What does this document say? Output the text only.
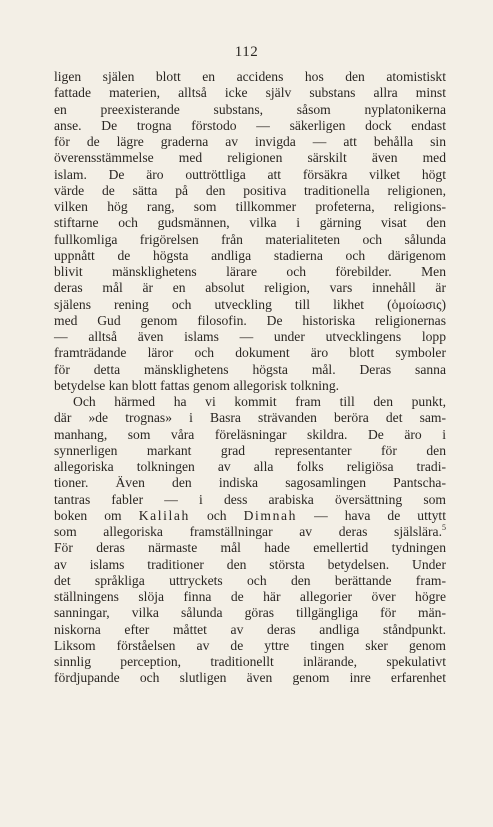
112
ligen själen blott en accidens hos den atomistiskt
fattade materien, alltså icke själv substans allra minst
en preexisterande substans, såsom nyplatonikerna
anse. De trogna förstodo — säkerligen dock endast
för de lägre graderna av invigda — att behålla sin
överensstämmelse med religionen särskilt även med
islam. De äro outtröttliga att försäkra vilket högt
värde de sätta på den positiva traditionella religionen,
vilken hög rang, som tillkommer profeterna, religions-
stiftarne och gudsmännen, vilka i gärning visat den
fullkomliga frigörelsen från materialiteten och sålunda
uppnått de högsta andliga stadierna och därigenom
blivit mänsklighetens lärare och förebilder. Men
deras mål är en absolut religion, vars innehåll är
själens rening och utveckling till likhet (ὁμοίωσις)
med Gud genom filosofin. De historiska religionernas
— alltså även islams — under utvecklingens lopp
framträdande läror och dokument äro blott symboler
för detta mänsklighetens högsta mål. Deras sanna
betydelse kan blott fattas genom allegorisk tolkning.
Och härmed ha vi kommit fram till den punkt,
där »de trognas» i Basra strävanden beröra det sam-
manhang, som våra föreläsningar skildra. De äro i
synnerligen markant grad representanter för den
allegoriska tolkningen av alla folks religiösa tradi-
tioner. Även den indiska sagosamlingen Pantscha-
tantras fabler — i dess arabiska översättning som
boken om Kalilah och Dimnah — hava de uttytt
som allegoriska framställningar av deras själslära.$^5$
För deras närmaste mål hade emellertid tydningen
av islams traditioner den största betydelsen. Under
det språkliga uttryckets och den berättande fram-
ställningens slöja finna de här allegorier över högre
sanningar, vilka sålunda göras tillgängliga för män-
niskorna efter måttet av deras andliga ståndpunkt.
Liksom förståelsen av de yttre tingen sker genom
sinnlig perception, traditionellt inlärande, spekulativt
fördjupande och slutligen även genom inre erfarenhet
